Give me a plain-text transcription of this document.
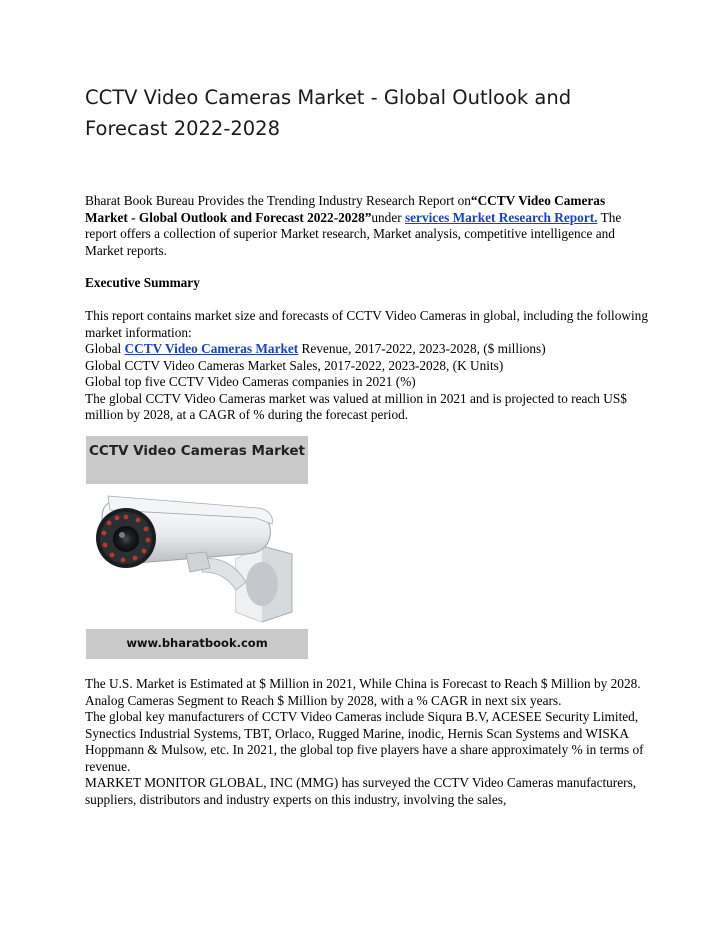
CCTV Video Cameras Market - Global Outlook and Forecast 2022-2028
Bharat Book Bureau Provides the Trending Industry Research Report on“CCTV Video Cameras Market - Global Outlook and Forecast 2022-2028”under services Market Research Report. The report offers a collection of superior Market research, Market analysis, competitive intelligence and Market reports.
Executive Summary

This report contains market size and forecasts of CCTV Video Cameras in global, including the following market information:

Global CCTV Video Cameras Market Revenue, 2017-2022, 2023-2028, ($ millions)

Global CCTV Video Cameras Market Sales, 2017-2022, 2023-2028, (K Units)

Global top five CCTV Video Cameras companies in 2021 (%)

The global CCTV Video Cameras market was valued at million in 2021 and is projected to reach US$ million by 2028, at a CAGR of % during the forecast period.

CCTV Video Cameras Market
www.bharatbook.com

The U.S. Market is Estimated at $ Million in 2021, While China is Forecast to Reach $ Million by 2028.

Analog Cameras Segment to Reach $ Million by 2028, with a % CAGR in next six years.

The global key manufacturers of CCTV Video Cameras include Siqura B.V, ACESEE Security Limited, Synectics Industrial Systems, TBT, Orlaco, Rugged Marine, inodic, Hernis Scan Systems and WISKA Hoppmann & Mulsow, etc. In 2021, the global top five players have a share approximately % in terms of revenue.

MARKET MONITOR GLOBAL, INC (MMG) has surveyed the CCTV Video Cameras manufacturers, suppliers, distributors and industry experts on this industry, involving the sales,
